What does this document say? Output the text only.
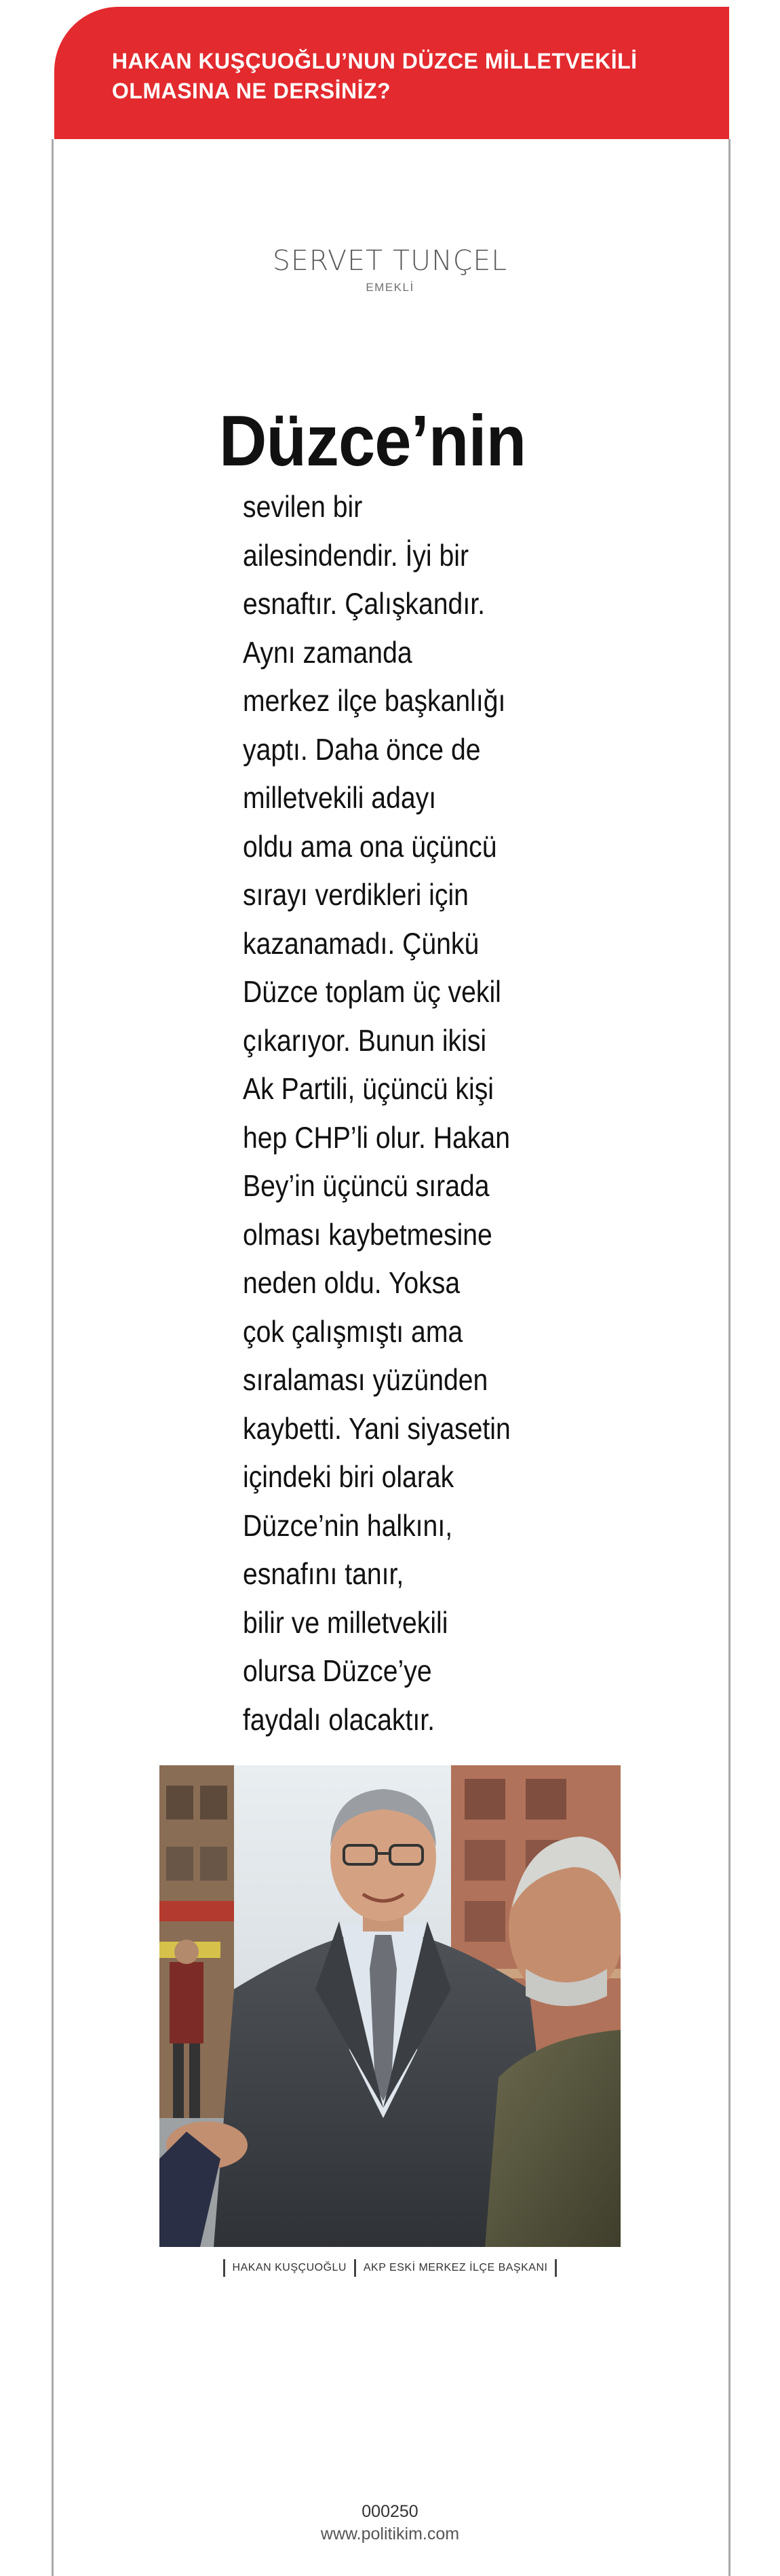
HAKAN KUŞÇUOĞLU’NUN DÜZCE MİLLETVEKİLİ OLMASINA NE DERSİNİZ?
SERVET TUNÇEL
EMEKLİ
Düzce’nin
sevilen bir
ailesindendir. İyi bir
esnaftır. Çalışkandır.
Aynı zamanda
merkez ilçe başkanlığı
yaptı. Daha önce de
milletvekili adayı
oldu ama ona üçüncü
sırayı verdikleri için
kazanamadı. Çünkü
Düzce toplam üç vekil
çıkarıyor. Bunun ikisi
Ak Partili, üçüncü kişi
hep CHP’li olur. Hakan
Bey’in üçüncü sırada
olması kaybetmesine
neden oldu. Yoksa
çok çalışmıştı ama
sıralaması yüzünden
kaybetti. Yani siyasetin
içindeki biri olarak
Düzce’nin halkını,
esnafını tanır,
bilir ve milletvekili
olursa Düzce’ye
faydalı olacaktır.
HAKAN KUŞÇUOĞLU AKP ESKİ MERKEZ İLÇE BAŞKANI
000250
www.politikim.com
